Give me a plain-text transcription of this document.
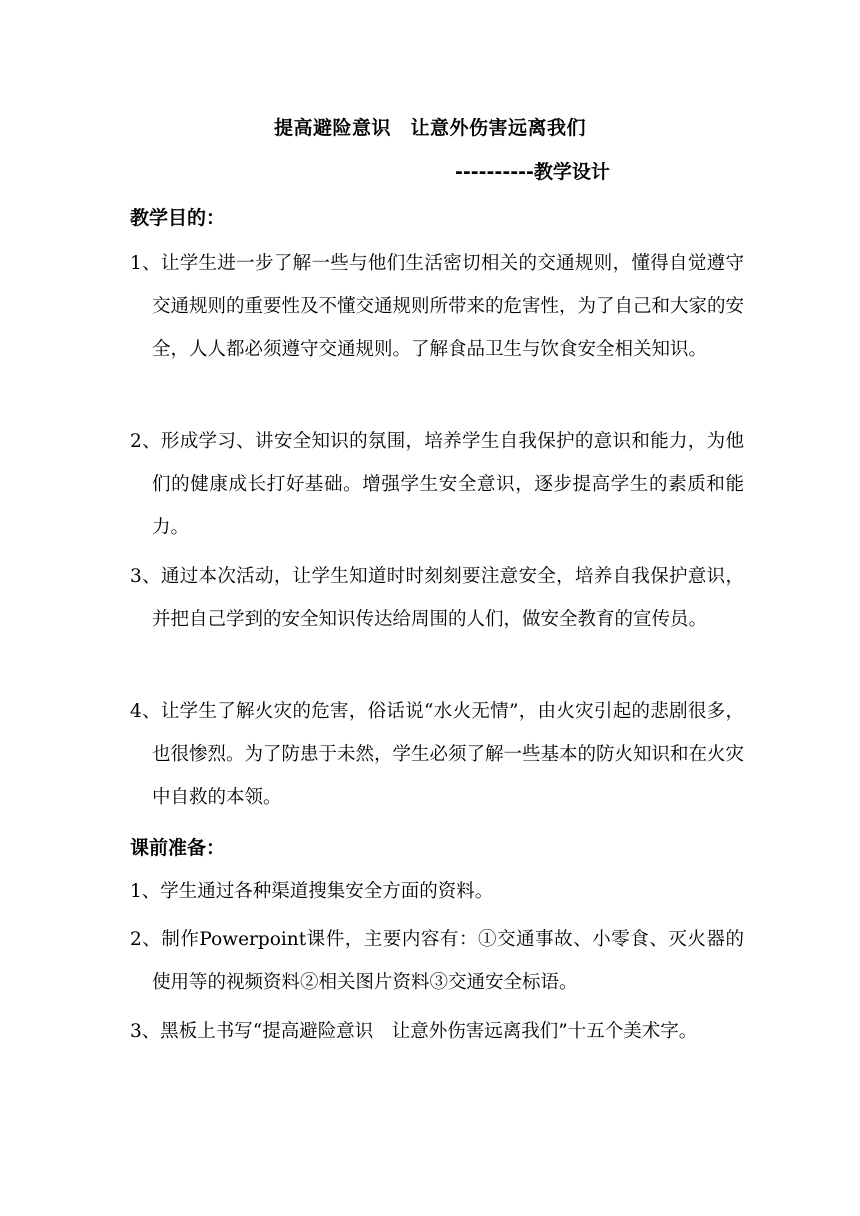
提高避险意识　让意外伤害远离我们
----------教学设计
教学目的：
1、让学生进一步了解一些与他们生活密切相关的交通规则，懂得自觉遵守交通规则的重要性及不懂交通规则所带来的危害性，为了自己和大家的安全，人人都必须遵守交通规则。了解食品卫生与饮食安全相关知识。
2、形成学习、讲安全知识的氛围，培养学生自我保护的意识和能力，为他们的健康成长打好基础。增强学生安全意识，逐步提高学生的素质和能力。
3、通过本次活动，让学生知道时时刻刻要注意安全，培养自我保护意识，并把自己学到的安全知识传达给周围的人们，做安全教育的宣传员。
4、让学生了解火灾的危害，俗话说“水火无情”，由火灾引起的悲剧很多，也很惨烈。为了防患于未然，学生必须了解一些基本的防火知识和在火灾中自救的本领。
课前准备：
1、学生通过各种渠道搜集安全方面的资料。
2、制作Powerpoint课件，主要内容有：①交通事故、小零食、灭火器的使用等的视频资料②相关图片资料③交通安全标语。
3、黑板上书写“提高避险意识　让意外伤害远离我们”十五个美术字。
